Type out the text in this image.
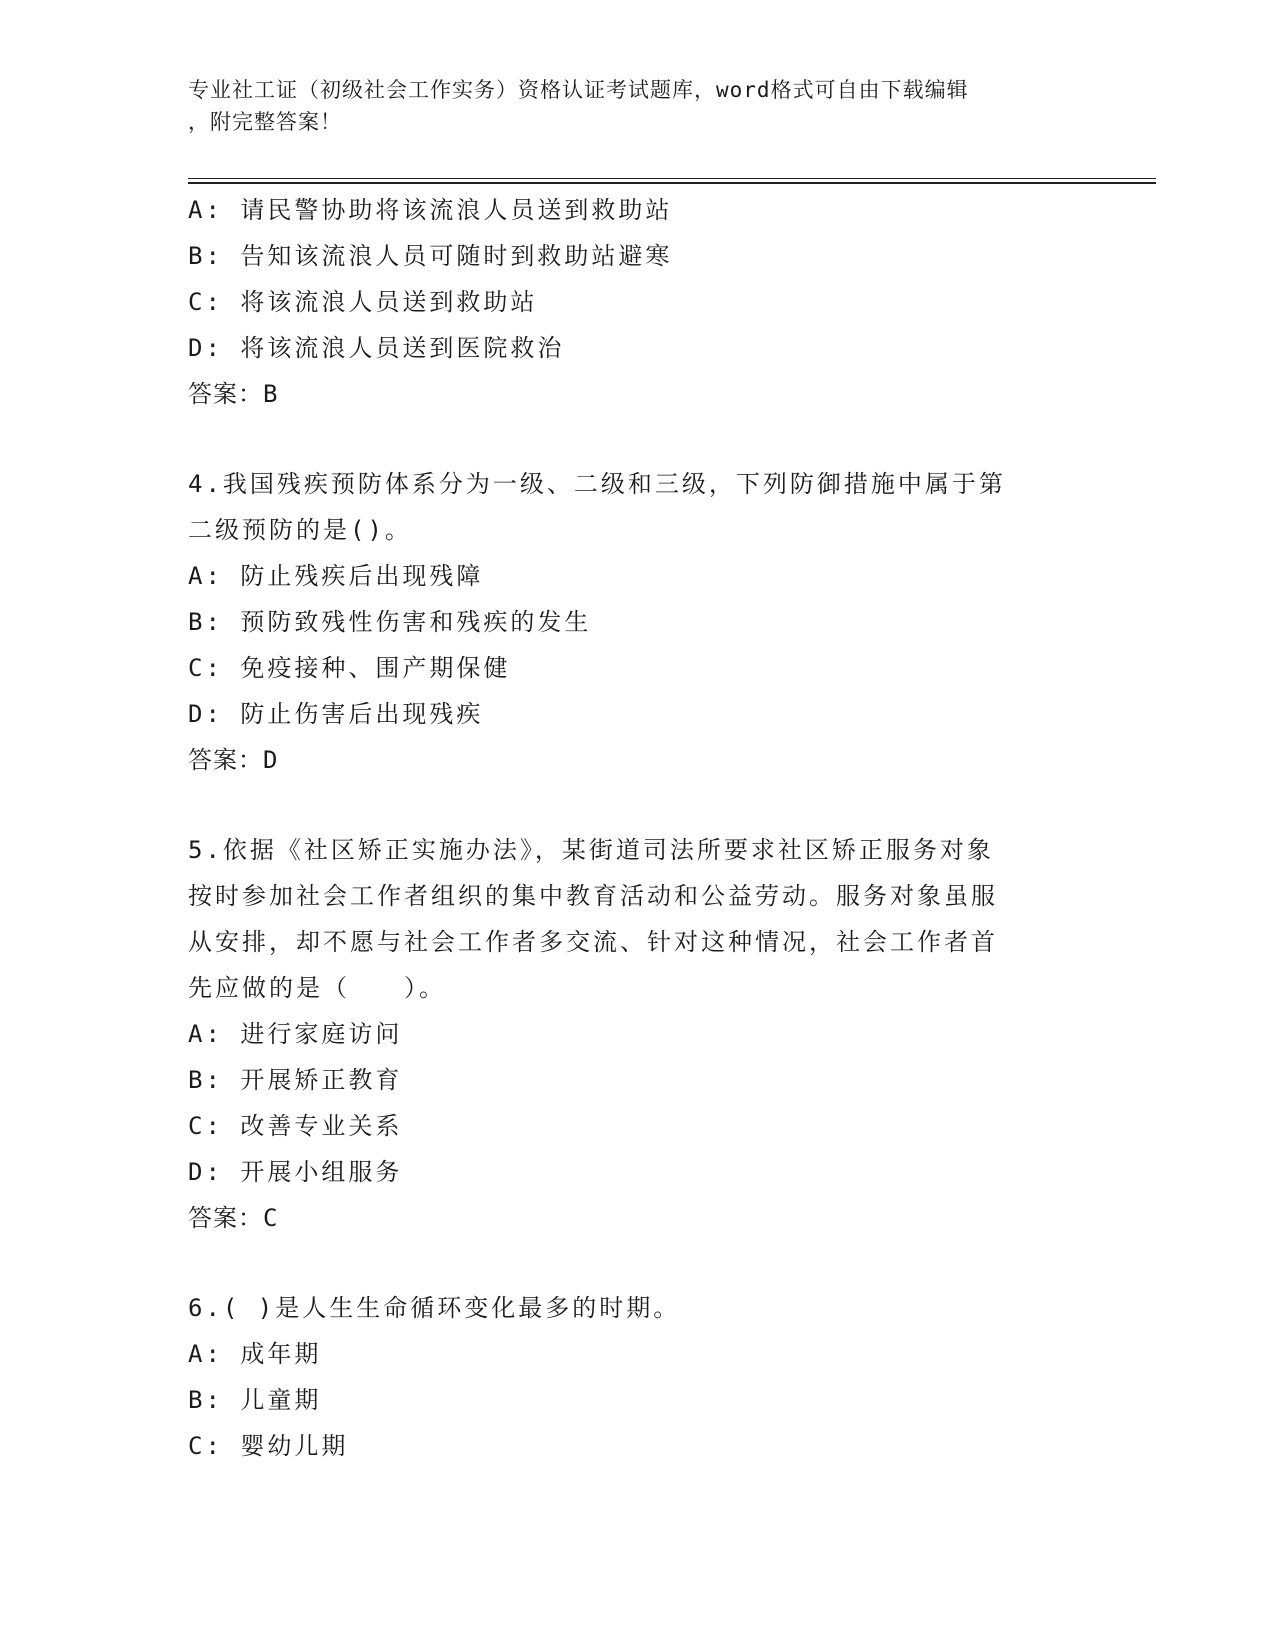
专业社工证（初级社会工作实务）资格认证考试题库，word格式可自由下载编辑
，附完整答案！
A: 请民警协助将该流浪人员送到救助站
B: 告知该流浪人员可随时到救助站避寒
C: 将该流浪人员送到救助站
D: 将该流浪人员送到医院救治
答案：B
4.我国残疾预防体系分为一级、二级和三级，下列防御措施中属于第
二级预防的是()。
A: 防止残疾后出现残障
B: 预防致残性伤害和残疾的发生
C: 免疫接种、围产期保健
D: 防止伤害后出现残疾
答案：D
5.依据《社区矫正实施办法》，某街道司法所要求社区矫正服务对象
按时参加社会工作者组织的集中教育活动和公益劳动。服务对象虽服
从安排，却不愿与社会工作者多交流、针对这种情况，社会工作者首
先应做的是（　　）。
A: 进行家庭访问
B: 开展矫正教育
C: 改善专业关系
D: 开展小组服务
答案：C
6.( )是人生生命循环变化最多的时期。
A: 成年期
B: 儿童期
C: 婴幼儿期
